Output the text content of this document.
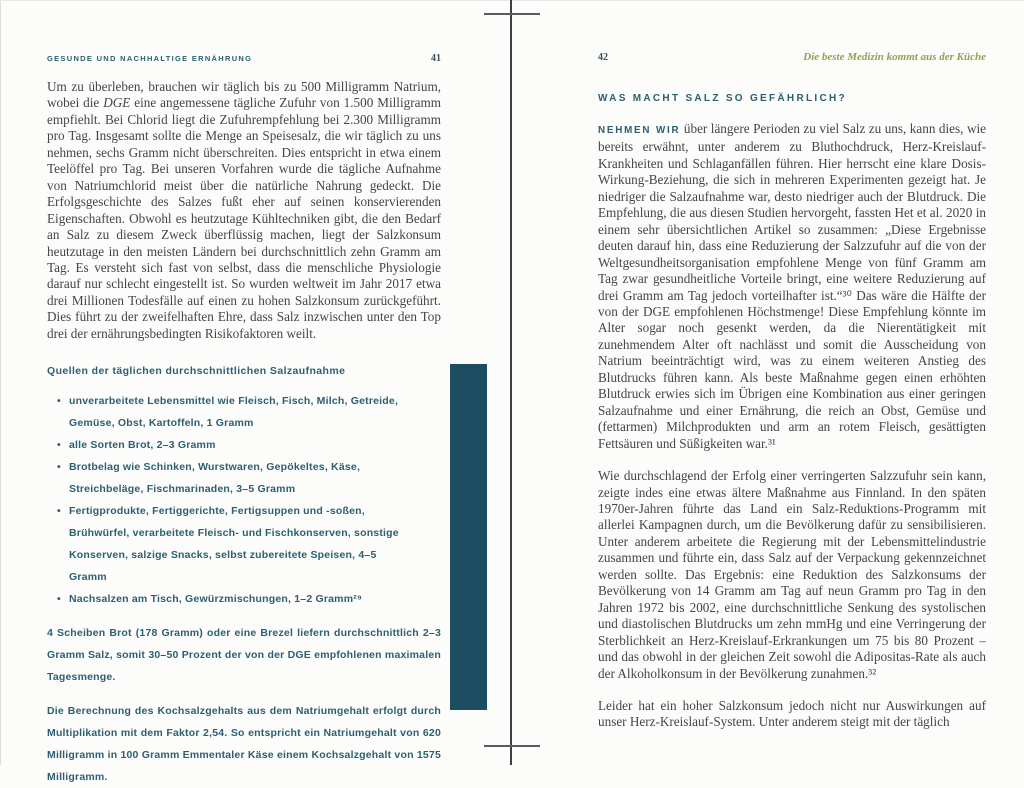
GESUNDE UND NACHHALTIGE ERNÄHRUNG	41

Um zu überleben, brauchen wir täglich bis zu 500 Milligramm Natrium, wobei die DGE eine angemessene tägliche Zufuhr von 1.500 Milligramm empfiehlt. Bei Chlorid liegt die Zufuhrempfehlung bei 2.300 Milligramm pro Tag. Insgesamt sollte die Menge an Speisesalz, die wir täglich zu uns nehmen, sechs Gramm nicht überschreiten. Dies entspricht in etwa einem Teelöffel pro Tag. Bei unseren Vorfahren wurde die tägliche Aufnahme von Natriumchlorid meist über die natürliche Nahrung gedeckt. Die Erfolgsgeschichte des Salzes fußt eher auf seinen konservierenden Eigenschaften. Obwohl es heutzutage Kühltechniken gibt, die den Bedarf an Salz zu diesem Zweck überflüssig machen, liegt der Salzkonsum heutzutage in den meisten Ländern bei durchschnittlich zehn Gramm am Tag. Es versteht sich fast von selbst, dass die menschliche Physiologie darauf nur schlecht eingestellt ist. So wurden weltweit im Jahr 2017 etwa drei Millionen Todesfälle auf einen zu hohen Salzkonsum zurückgeführt. Dies führt zu der zweifelhaften Ehre, dass Salz inzwischen unter den Top drei der ernährungsbedingten Risikofaktoren weilt.

Quellen der täglichen durchschnittlichen Salzaufnahme
• unverarbeitete Lebensmittel wie Fleisch, Fisch, Milch, Getreide, Gemüse, Obst, Kartoffeln, 1 Gramm
• alle Sorten Brot, 2–3 Gramm
• Brotbelag wie Schinken, Wurstwaren, Gepökeltes, Käse, Streichbeläge, Fischmarinaden, 3–5 Gramm
• Fertigprodukte, Fertiggerichte, Fertigsuppen und -soßen, Brühwürfel, verarbeitete Fleisch- und Fischkonserven, sonstige Konserven, salzige Snacks, selbst zubereitete Speisen, 4–5 Gramm
• Nachsalzen am Tisch, Gewürzmischungen, 1–2 Gramm²⁹

4 Scheiben Brot (178 Gramm) oder eine Brezel liefern durchschnittlich 2–3 Gramm Salz, somit 30–50 Prozent der von der DGE empfohlenen maximalen Tagesmenge.

Die Berechnung des Kochsalzgehalts aus dem Natriumgehalt erfolgt durch Multiplikation mit dem Faktor 2,54. So entspricht ein Natriumgehalt von 620 Milligramm in 100 Gramm Emmentaler Käse einem Kochsalzgehalt von 1575 Milligramm.

42	Die beste Medizin kommt aus der Küche
WAS MACHT SALZ SO GEFÄHRLICH?

NEHMEN WIR über längere Perioden zu viel Salz zu uns, kann dies, wie bereits erwähnt, unter anderem zu Bluthochdruck, Herz-Kreislauf-Krankheiten und Schlaganfällen führen. Hier herrscht eine klare Dosis-Wirkung-Beziehung, die sich in mehreren Experimenten gezeigt hat. Je niedriger die Salzaufnahme war, desto niedriger auch der Blutdruck. Die Empfehlung, die aus diesen Studien hervorgeht, fassten Het et al. 2020 in einem sehr übersichtlichen Artikel so zusammen: „Diese Ergebnisse deuten darauf hin, dass eine Reduzierung der Salzzufuhr auf die von der Weltgesundheitsorganisation empfohlene Menge von fünf Gramm am Tag zwar gesundheitliche Vorteile bringt, eine weitere Reduzierung auf drei Gramm am Tag jedoch vorteilhafter ist.“³⁰ Das wäre die Hälfte der von der DGE empfohlenen Höchstmenge! Diese Empfehlung könnte im Alter sogar noch gesenkt werden, da die Nierentätigkeit mit zunehmendem Alter oft nachlässt und somit die Ausscheidung von Natrium beeinträchtigt wird, was zu einem weiteren Anstieg des Blutdrucks führen kann. Als beste Maßnahme gegen einen erhöhten Blutdruck erwies sich im Übrigen eine Kombination aus einer geringen Salzaufnahme und einer Ernährung, die reich an Obst, Gemüse und (fettarmen) Milchprodukten und arm an rotem Fleisch, gesättigten Fettsäuren und Süßigkeiten war.³¹

Wie durchschlagend der Erfolg einer verringerten Salzzufuhr sein kann, zeigte indes eine etwas ältere Maßnahme aus Finnland. In den späten 1970er-Jahren führte das Land ein Salz-Reduktions-Programm mit allerlei Kampagnen durch, um die Bevölkerung dafür zu sensibilisieren. Unter anderem arbeitete die Regierung mit der Lebensmittelindustrie zusammen und führte ein, dass Salz auf der Verpackung gekennzeichnet werden sollte. Das Ergebnis: eine Reduktion des Salzkonsums der Bevölkerung von 14 Gramm am Tag auf neun Gramm pro Tag in den Jahren 1972 bis 2002, eine durchschnittliche Senkung des systolischen und diastolischen Blutdrucks um zehn mmHg und eine Verringerung der Sterblichkeit an Herz-Kreislauf-Erkrankungen um 75 bis 80 Prozent – und das obwohl in der gleichen Zeit sowohl die Adipositas-Rate als auch der Alkoholkonsum in der Bevölkerung zunahmen.³²

Leider hat ein hoher Salzkonsum jedoch nicht nur Auswirkungen auf unser Herz-Kreislauf-System. Unter anderem steigt mit der täglich
